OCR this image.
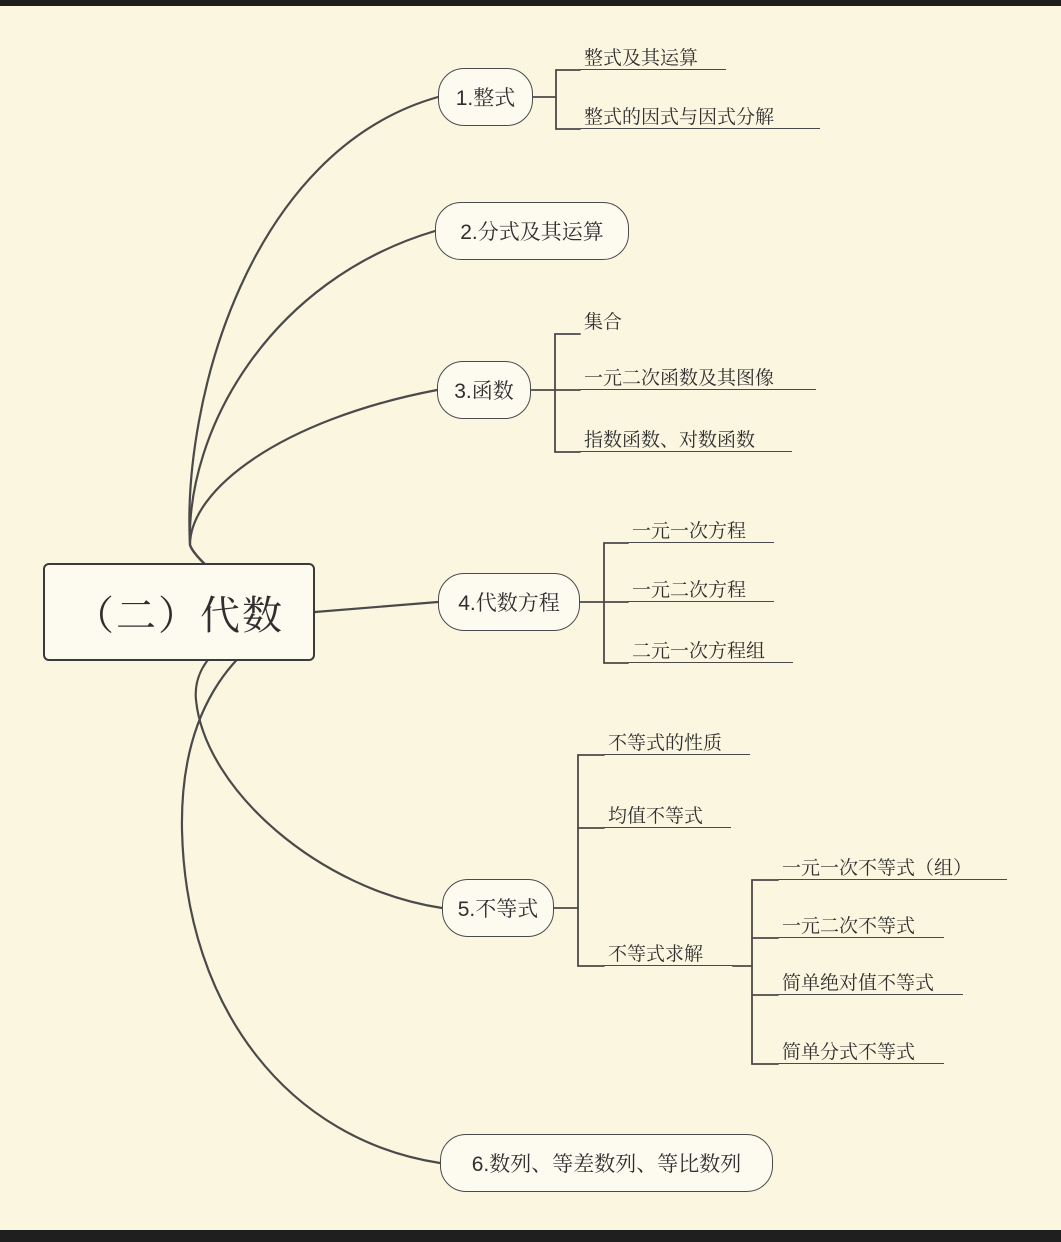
（二）代数
1.整式
2.分式及其运算
3.函数
4.代数方程
5.不等式
6.数列、等差数列、等比数列
整式及其运算
整式的因式与因式分解
集合
一元二次函数及其图像
指数函数、对数函数
一元一次方程
一元二次方程
二元一次方程组
不等式的性质
均值不等式
不等式求解
一元一次不等式（组）
一元二次不等式
简单绝对值不等式
简单分式不等式
